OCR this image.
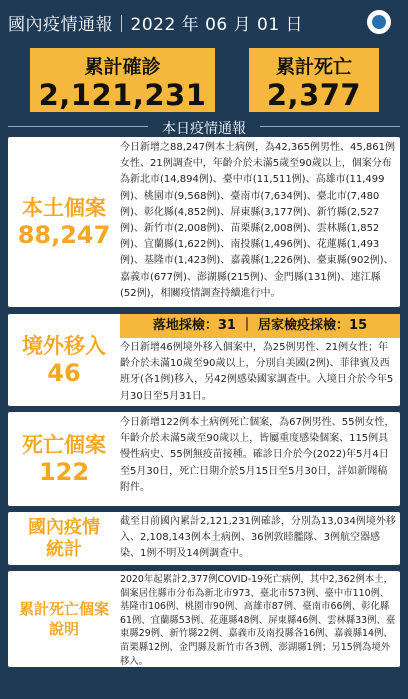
國內疫情通報｜2022 年 06 月 01 日
累計確診
2,121,231
累計死亡
2,377
本日疫情通報
本土個案
88,247

今日新增之88,247例本土病例，為42,365例男性、45,861例女性、21例調查中，年齡介於未滿5歲至90歲以上，個案分布為新北市(14,894例)、臺中市(11,511例)、高雄市(11,499例)、桃園市(9,568例)、臺南市(7,634例)、臺北市(7,480例)、彰化縣(4,852例)、屏東縣(3,177例)、新竹縣(2,527例)、新竹市(2,008例)、苗栗縣(2,008例)、雲林縣(1,852例)、宜蘭縣(1,622例)、南投縣(1,496例)、花蓮縣(1,493例)、基隆市(1,423例)、嘉義縣(1,226例)、臺東縣(902例)、嘉義市(677例)、澎湖縣(215例)、金門縣(131例)、連江縣(52例)，相關疫情調查持續進行中。

境外移入
46
落地採檢：31 ｜ 居家檢疫採檢：15

今日新增46例境外移入個案中，為25例男性、21例女性；年齡介於未滿10歲至90歲以上，分別自美國(2例)、菲律賓及西班牙(各1例)移入，另42例感染國家調查中。入境日介於今年5月30日至5月31日。

死亡個案
122

今日新增122例本土病例死亡個案，為67例男性、55例女性，年齡介於未滿5歲至90歲以上，皆屬重度感染個案、115例具慢性病史、55例無疫苗接種。確診日介於今(2022)年5月4日至5月30日，死亡日期介於5月15日至5月30日，詳如新聞稿附件。

國內疫情
統計

截至目前國內累計2,121,231例確診，分別為13,034例境外移入、2,108,143例本土病例、36例敦睦艦隊、3例航空器感染、1例不明及14例調查中。

累計死亡個案
說明

2020年起累計2,377例COVID-19死亡病例，其中2,362例本土，個案居住縣市分布為新北市973、臺北市573例、臺中市110例、基隆市106例、桃園市90例、高雄市87例、臺南市66例、彰化縣61例、宜蘭縣53例、花蓮縣48例、屏東縣46例、雲林縣33例、臺東縣29例、新竹縣22例、嘉義市及南投縣各16例、嘉義縣14例、苗栗縣12例、金門縣及新竹市各3例、澎湖縣1例；另15例為境外移入。
